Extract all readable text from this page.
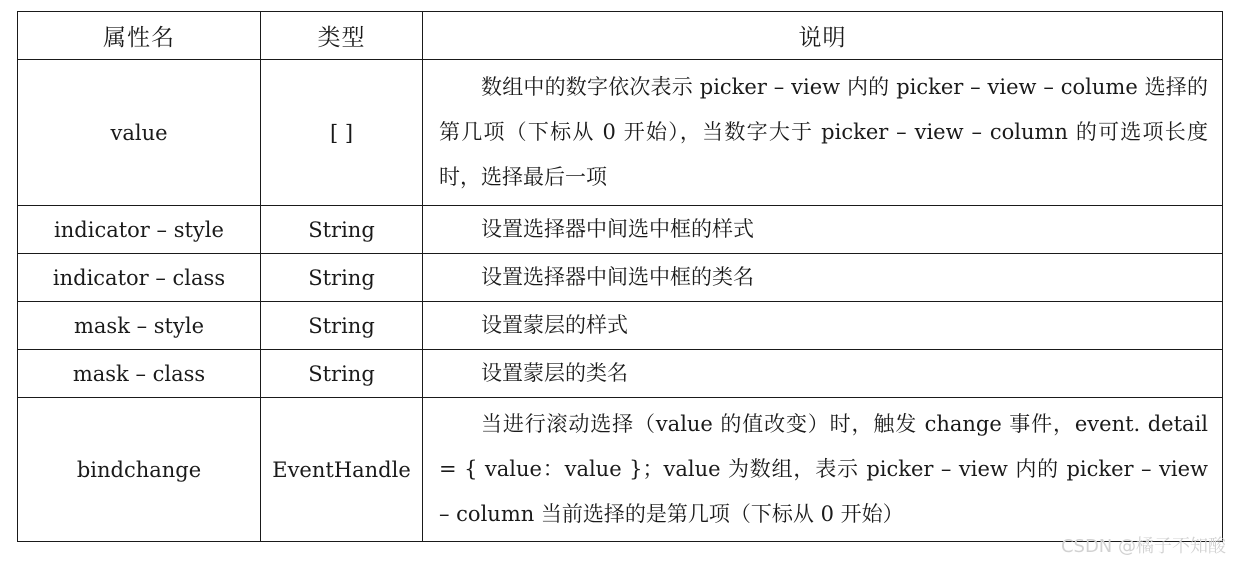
属性名	类型	说明
value	[ ]	数组中的数字依次表示 picker – view 内的 picker – view – colume 选择的第几项（下标从 0 开始），当数字大于 picker – view – column 的可选项长度时，选择最后一项

indicator – style	String	设置选择器中间选中框的样式

indicator – class	String	设置选择器中间选中框的类名

mask – style	String	设置蒙层的样式

mask – class	String	设置蒙层的类名

bindchange	EventHandle	当进行滚动选择（value 的值改变）时，触发 change 事件，event. detail = { value：value }；value 为数组，表示 picker – view 内的 picker – view – column 当前选择的是第几项（下标从 0 开始）
CSDN @橘子不知酸
